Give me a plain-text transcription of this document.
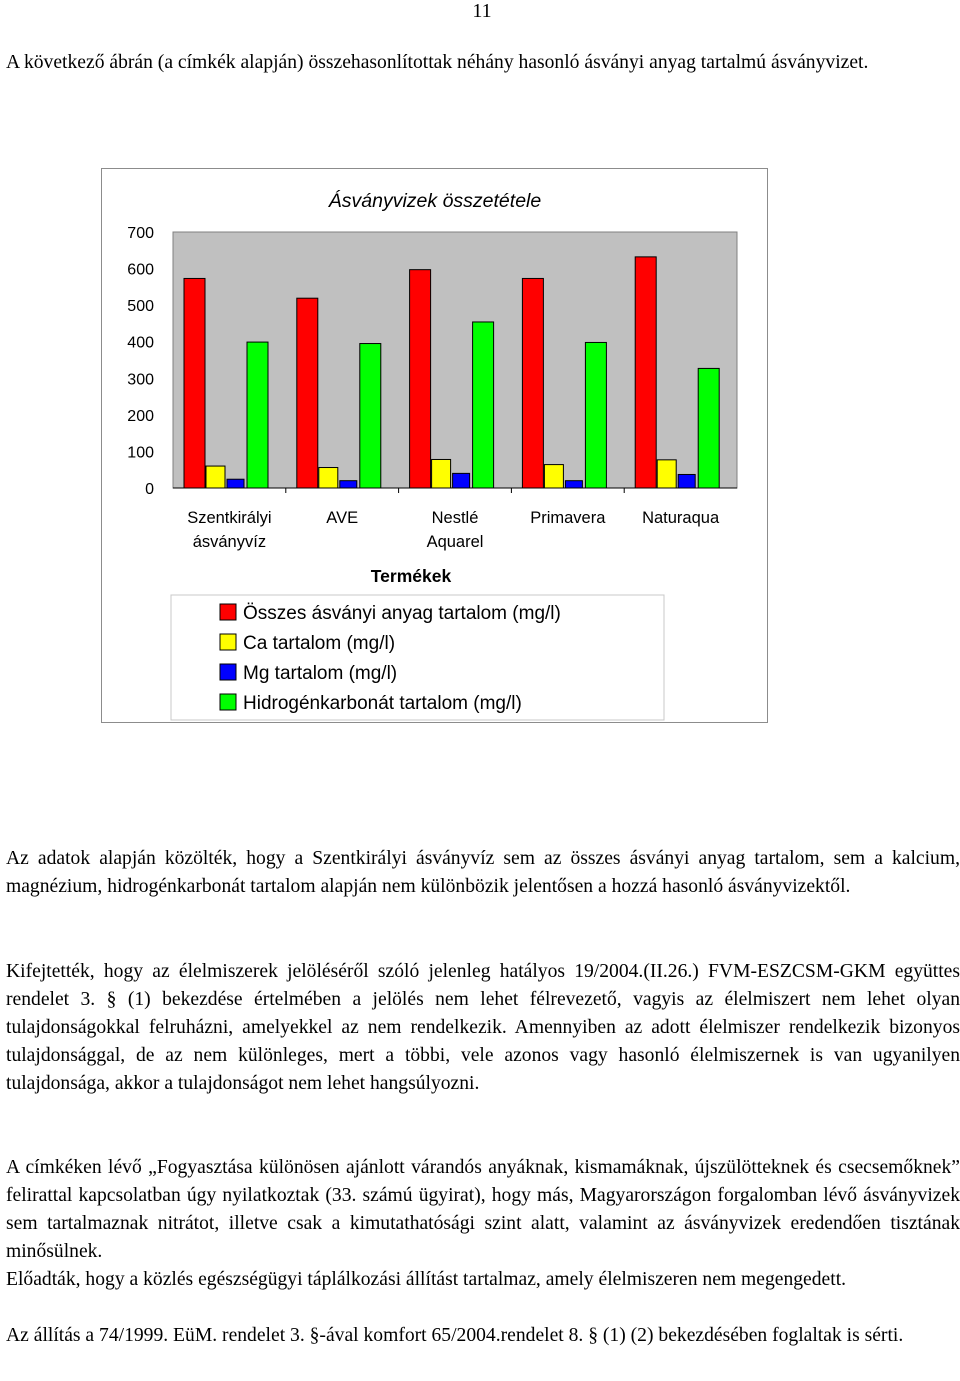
11

A következő ábrán (a címkék alapján) összehasonlítottak néhány hasonló ásványi anyag tartalmú ásványvizet.

Ásványvizek összetétele
700
600
500
400
300
200
100
0
Szentkirályi
ásványvíz
AVE	Nestlé
Aquarel
Primavera Naturaqua
Termékek
Összes ásványi anyag tartalom (mg/l)
Ca tartalom (mg/l)
Mg tartalom (mg/l)
Hidrogénkarbonát tartalom (mg/l)

Az adatok alapján közölték, hogy a Szentkirályi ásványvíz sem az összes ásványi anyag tartalom, sem a kalcium, magnézium, hidrogénkarbonát tartalom alapján nem különbözik jelentősen a hozzá hasonló ásványvizektől.

Kifejtették, hogy az élelmiszerek jelöléséről szóló jelenleg hatályos 19/2004.(II.26.) FVM-ESZCSM-GKM együttes rendelet 3. § (1) bekezdése értelmében a jelölés nem lehet félrevezető, vagyis az élelmiszert nem lehet olyan tulajdonságokkal felruházni, amelyekkel az nem rendelkezik. Amennyiben az adott élelmiszer rendelkezik bizonyos tulajdonsággal, de az nem különleges, mert a többi, vele azonos vagy hasonló élelmiszernek is van ugyanilyen tulajdonsága, akkor a tulajdonságot nem lehet hangsúlyozni.

A címkéken lévő „Fogyasztása különösen ajánlott várandós anyáknak, kismamáknak, újszülötteknek és csecsemőknek” felirattal kapcsolatban úgy nyilatkoztak (33. számú ügyirat), hogy más, Magyarországon forgalomban lévő ásványvizek sem tartalmaznak nitrátot, illetve csak a kimutathatósági szint alatt, valamint az ásványvizek eredendően tisztának minősülnek.

Előadták, hogy a közlés egészségügyi táplálkozási állítást tartalmaz, amely élelmiszeren nem megengedett.

Az állítás a 74/1999. EüM. rendelet 3. §-ával komfort 65/2004.rendelet 8. § (1) (2) bekezdésében foglaltak is sérti.
